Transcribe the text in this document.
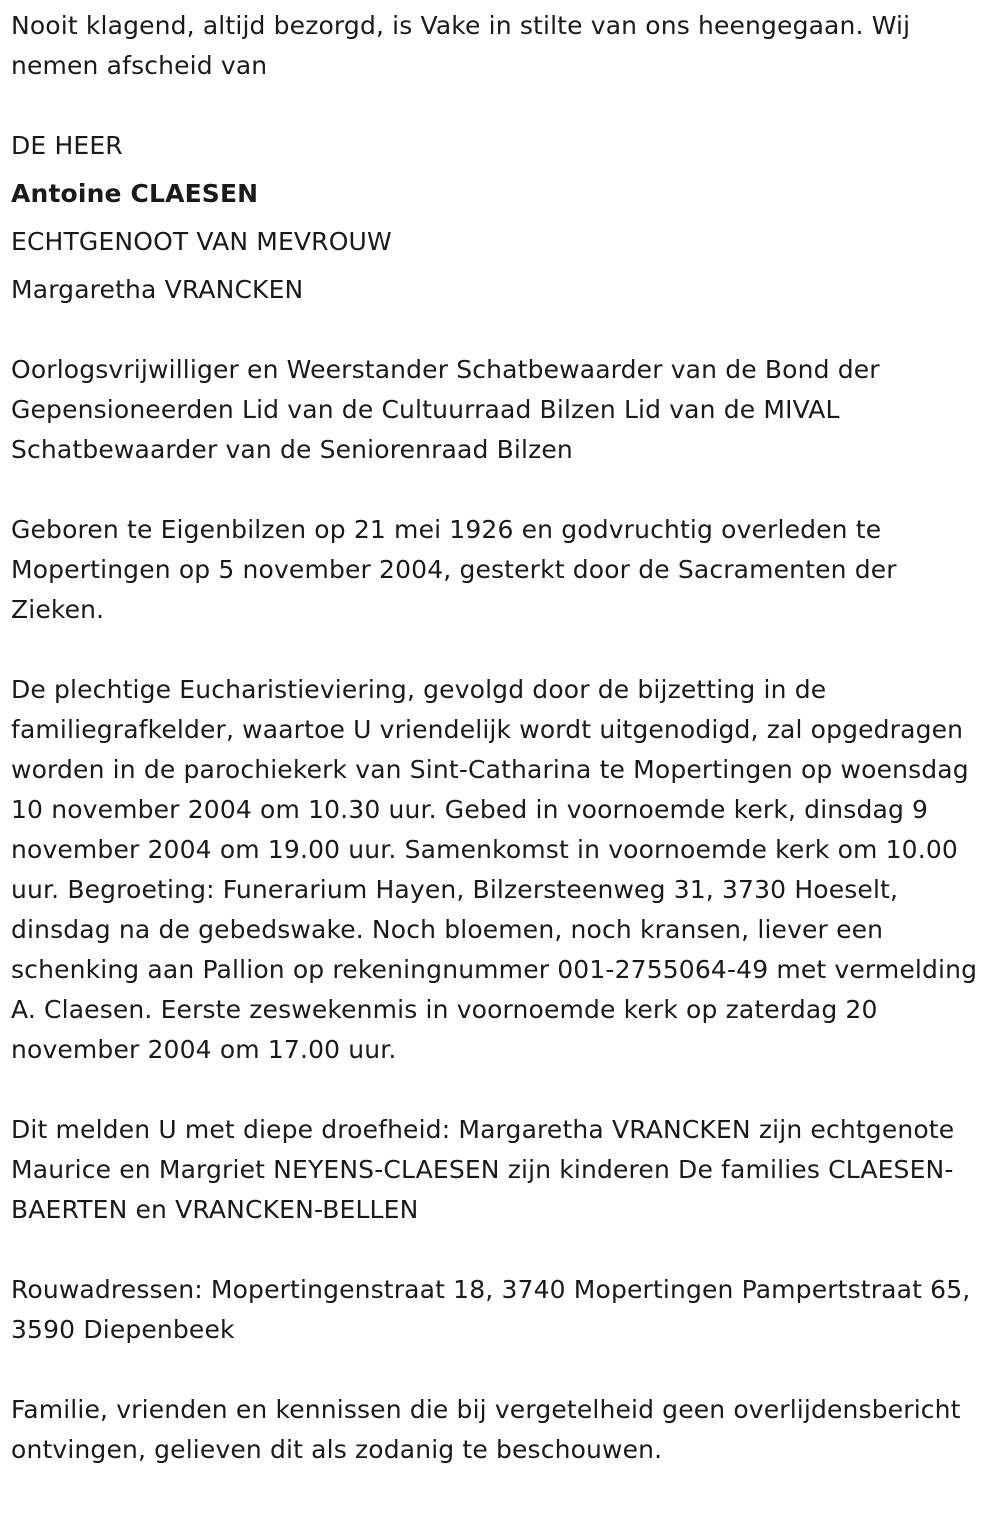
Nooit klagend, altijd bezorgd, is Vake in stilte van ons heengegaan. Wij nemen afscheid van

DE HEER

Antoine CLAESEN

ECHTGENOOT VAN MEVROUW

Margaretha VRANCKEN

Oorlogsvrijwilliger en Weerstander Schatbewaarder van de Bond der Gepensioneerden Lid van de Cultuurraad Bilzen Lid van de MIVAL Schatbewaarder van de Seniorenraad Bilzen

Geboren te Eigenbilzen op 21 mei 1926 en godvruchtig overleden te Mopertingen op 5 november 2004, gesterkt door de Sacramenten der Zieken.

De plechtige Eucharistieviering, gevolgd door de bijzetting in de familiegrafkelder, waartoe U vriendelijk wordt uitgenodigd, zal opgedragen worden in de parochiekerk van Sint-Catharina te Mopertingen op woensdag 10 november 2004 om 10.30 uur. Gebed in voornoemde kerk, dinsdag 9 november 2004 om 19.00 uur. Samenkomst in voornoemde kerk om 10.00 uur. Begroeting: Funerarium Hayen, Bilzersteenweg 31, 3730 Hoeselt, dinsdag na de gebedswake. Noch bloemen, noch kransen, liever een schenking aan Pallion op rekeningnummer 001-2755064-49 met vermelding A. Claesen. Eerste zeswekenmis in voornoemde kerk op zaterdag 20 november 2004 om 17.00 uur.

Dit melden U met diepe droefheid: Margaretha VRANCKEN zijn echtgenote Maurice en Margriet NEYENS-CLAESEN zijn kinderen De families CLAESEN-BAERTEN en VRANCKEN-BELLEN

Rouwadressen: Mopertingenstraat 18, 3740 Mopertingen Pampertstraat 65, 3590 Diepenbeek

Familie, vrienden en kennissen die bij vergetelheid geen overlijdensbericht ontvingen, gelieven dit als zodanig te beschouwen.
